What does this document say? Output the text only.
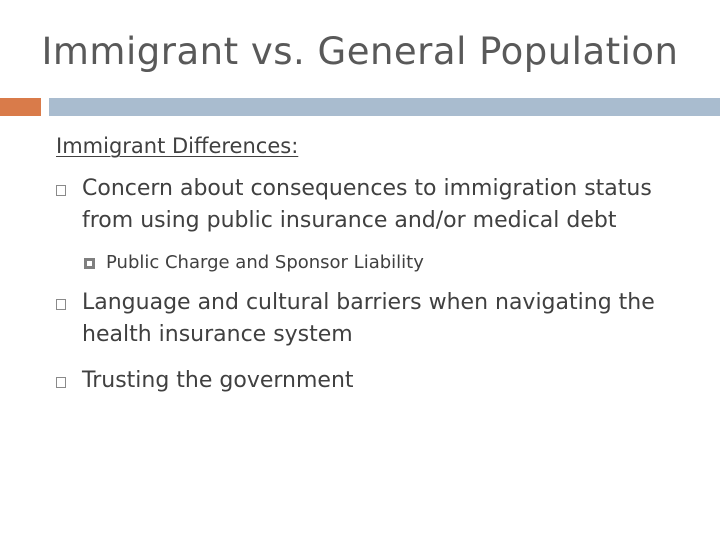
Immigrant vs. General Population
Immigrant Differences:
Concern about consequences to immigration status
from using public insurance and/or medical debt
Public Charge and Sponsor Liability
Language and cultural barriers when navigating the
health insurance system
Trusting the government
